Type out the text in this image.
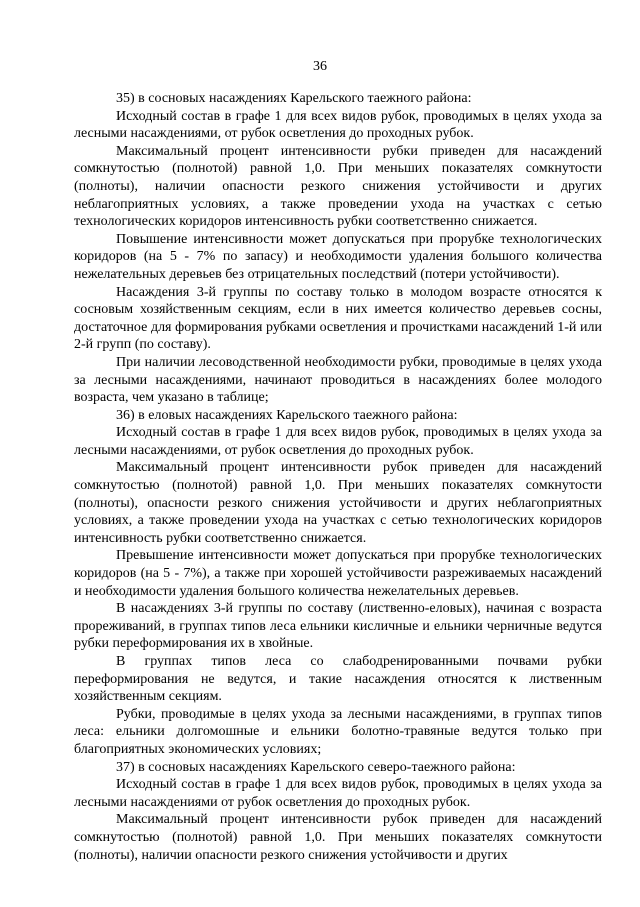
36

35) в сосновых насаждениях Карельского таежного района:

Исходный состав в графе 1 для всех видов рубок, проводимых в целях ухода за лесными насаждениями, от рубок осветления до проходных рубок.

Максимальный процент интенсивности рубки приведен для насаждений сомкнутостью (полнотой) равной 1,0. При меньших показателях сомкнутости (полноты), наличии опасности резкого снижения устойчивости и других неблагоприятных условиях, а также проведении ухода на участках с сетью технологических коридоров интенсивность рубки соответственно снижается.

Повышение интенсивности может допускаться при прорубке технологических коридоров (на 5 - 7% по запасу) и необходимости удаления большого количества нежелательных деревьев без отрицательных последствий (потери устойчивости).

Насаждения 3-й группы по составу только в молодом возрасте относятся к сосновым хозяйственным секциям, если в них имеется количество деревьев сосны, достаточное для формирования рубками осветления и прочистками насаждений 1-й или 2-й групп (по составу).

При наличии лесоводственной необходимости рубки, проводимые в целях ухода за лесными насаждениями, начинают проводиться в насаждениях более молодого возраста, чем указано в таблице;

36) в еловых насаждениях Карельского таежного района:

Исходный состав в графе 1 для всех видов рубок, проводимых в целях ухода за лесными насаждениями, от рубок осветления до проходных рубок.

Максимальный процент интенсивности рубок приведен для насаждений сомкнутостью (полнотой) равной 1,0. При меньших показателях сомкнутости (полноты), опасности резкого снижения устойчивости и других неблагоприятных условиях, а также проведении ухода на участках с сетью технологических коридоров интенсивность рубки соответственно снижается.

Превышение интенсивности может допускаться при прорубке технологических коридоров (на 5 - 7%), а также при хорошей устойчивости разреживаемых насаждений и необходимости удаления большого количества нежелательных деревьев.

В насаждениях 3-й группы по составу (лиственно-еловых), начиная с возраста прореживаний, в группах типов леса ельники кисличные и ельники черничные ведутся рубки переформирования их в хвойные.

В группах типов леса со слабодренированными почвами рубки переформирования не ведутся, и такие насаждения относятся к лиственным хозяйственным секциям.

Рубки, проводимые в целях ухода за лесными насаждениями, в группах типов леса: ельники долгомошные и ельники болотно-травяные ведутся только при благоприятных экономических условиях;

37) в сосновых насаждениях Карельского северо-таежного района:

Исходный состав в графе 1 для всех видов рубок, проводимых в целях ухода за лесными насаждениями от рубок осветления до проходных рубок.

Максимальный процент интенсивности рубок приведен для насаждений сомкнутостью (полнотой) равной 1,0. При меньших показателях сомкнутости (полноты), наличии опасности резкого снижения устойчивости и других
